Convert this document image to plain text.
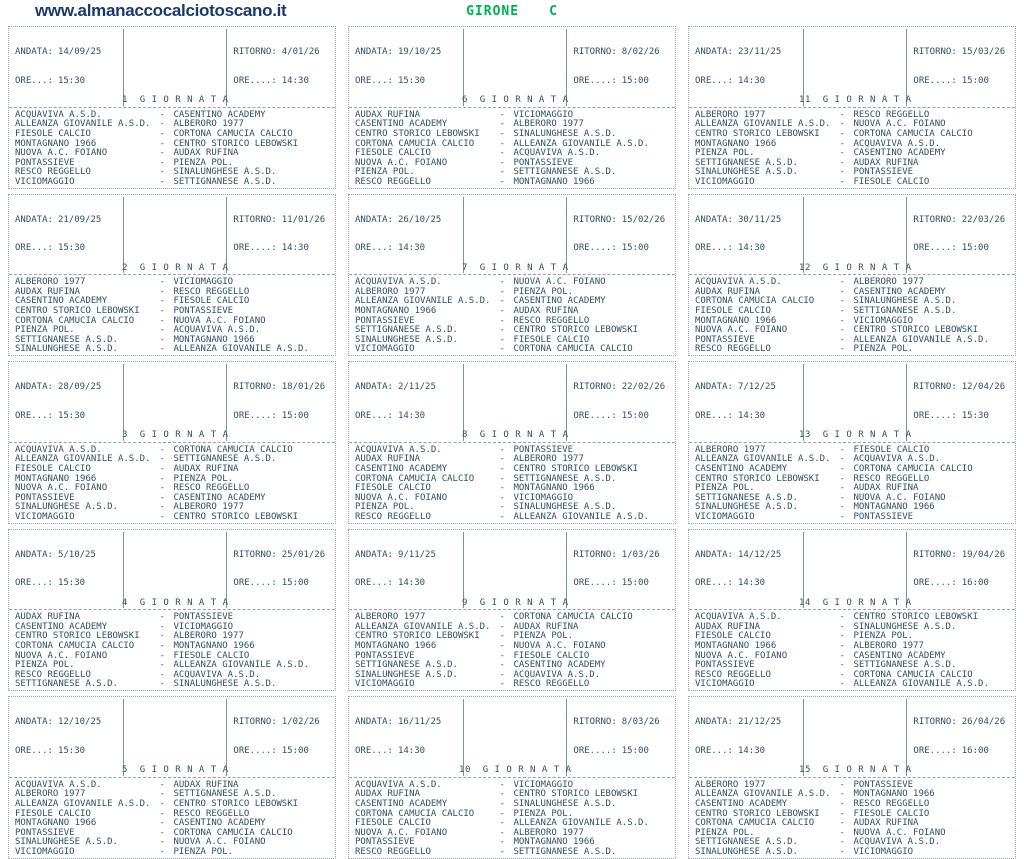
www.almanaccocalciotoscano.it	GIRONE C

ANDATA: 14/09/25

ORE...: 15:30

1  G I O R N A T A

RITORNO: 4/01/26

ORE....: 14:30

ACQUAVIVA A.S.D.	- CASENTINO ACADEMY
ALLEANZA GIOVANILE A.S.D. - ALBERORO 1977
FIESOLE CALCIO	- CORTONA CAMUCIA CALCIO
MONTAGNANO 1966	- CENTRO STORICO LEBOWSKI
NUOVA A.C. FOIANO	- AUDAX RUFINA
PONTASSIEVE	- PIENZA POL.
RESCO REGGELLO	- SINALUNGHESE A.S.D.
VICIOMAGGIO	- SETTIGNANESE A.S.D.

ANDATA: 21/09/25

ORE...: 15:30

2  G I O R N A T A

RITORNO: 11/01/26

ORE....: 14:30

ALBERORO 1977	- VICIOMAGGIO
AUDAX RUFINA	- RESCO REGGELLO
CASENTINO ACADEMY	- FIESOLE CALCIO
CENTRO STORICO LEBOWSKI	- PONTASSIEVE
CORTONA CAMUCIA CALCIO	- NUOVA A.C. FOIANO
PIENZA POL.	- ACQUAVIVA A.S.D.
SETTIGNANESE A.S.D.	- MONTAGNANO 1966
SINALUNGHESE A.S.D.	- ALLEANZA GIOVANILE A.S.D.

ANDATA: 28/09/25

ORE...: 15:30

3  G I O R N A T A

RITORNO: 18/01/26

ORE....: 15:00

ACQUAVIVA A.S.D.	- CORTONA CAMUCIA CALCIO
ALLEANZA GIOVANILE A.S.D. - SETTIGNANESE A.S.D.
FIESOLE CALCIO	- AUDAX RUFINA
MONTAGNANO 1966	- PIENZA POL.
NUOVA A.C. FOIANO	- RESCO REGGELLO
PONTASSIEVE	- CASENTINO ACADEMY
SINALUNGHESE A.S.D.	- ALBERORO 1977
VICIOMAGGIO	- CENTRO STORICO LEBOWSKI

ANDATA: 5/10/25

ORE...: 15:30

4  G I O R N A T A

RITORNO: 25/01/26

ORE....: 15:00

AUDAX RUFINA	- PONTASSIEVE
CASENTINO ACADEMY	- VICIOMAGGIO
CENTRO STORICO LEBOWSKI	- ALBERORO 1977
CORTONA CAMUCIA CALCIO	- MONTAGNANO 1966
NUOVA A.C. FOIANO	- FIESOLE CALCIO
PIENZA POL.	- ALLEANZA GIOVANILE A.S.D.
RESCO REGGELLO	- ACQUAVIVA A.S.D.
SETTIGNANESE A.S.D.	- SINALUNGHESE A.S.D.

ANDATA: 12/10/25

ORE...: 15:30

5  G I O R N A T A

RITORNO: 1/02/26

ORE....: 15:00

ACQUAVIVA A.S.D.	- AUDAX RUFINA
ALBERORO 1977	- SETTIGNANESE A.S.D.
ALLEANZA GIOVANILE A.S.D. - CENTRO STORICO LEBOWSKI
FIESOLE CALCIO	- RESCO REGGELLO
MONTAGNANO 1966	- CASENTINO ACADEMY
PONTASSIEVE	- CORTONA CAMUCIA CALCIO
SINALUNGHESE A.S.D.	- NUOVA A.C. FOIANO
VICIOMAGGIO	- PIENZA POL.

ANDATA: 19/10/25

ORE...: 15:30

6  G I O R N A T A

RITORNO: 8/02/26

ORE....: 15:00

AUDAX RUFINA	- VICIOMAGGIO
CASENTINO ACADEMY	- ALBERORO 1977
CENTRO STORICO LEBOWSKI	- SINALUNGHESE A.S.D.
CORTONA CAMUCIA CALCIO	- ALLEANZA GIOVANILE A.S.D.
FIESOLE CALCIO	- ACQUAVIVA A.S.D.
NUOVA A.C. FOIANO	- PONTASSIEVE
PIENZA POL.	- SETTIGNANESE A.S.D.
RESCO REGGELLO	- MONTAGNANO 1966

ANDATA: 26/10/25

ORE...: 14:30

7  G I O R N A T A

RITORNO: 15/02/26

ORE....: 15:00

ACQUAVIVA A.S.D.	- NUOVA A.C. FOIANO
ALBERORO 1977	- PIENZA POL.
ALLEANZA GIOVANILE A.S.D. - CASENTINO ACADEMY
MONTAGNANO 1966	- AUDAX RUFINA
PONTASSIEVE	- RESCO REGGELLO
SETTIGNANESE A.S.D.	- CENTRO STORICO LEBOWSKI
SINALUNGHESE A.S.D.	- FIESOLE CALCIO
VICIOMAGGIO	- CORTONA CAMUCIA CALCIO

ANDATA: 2/11/25

ORE...: 14:30

8  G I O R N A T A

RITORNO: 22/02/26

ORE....: 15:00

ACQUAVIVA A.S.D.	- PONTASSIEVE
AUDAX RUFINA	- ALBERORO 1977
CASENTINO ACADEMY	- CENTRO STORICO LEBOWSKI
CORTONA CAMUCIA CALCIO	- SETTIGNANESE A.S.D.
FIESOLE CALCIO	- MONTAGNANO 1966
NUOVA A.C. FOIANO	- VICIOMAGGIO
PIENZA POL.	- SINALUNGHESE A.S.D.
RESCO REGGELLO	- ALLEANZA GIOVANILE A.S.D.

ANDATA: 9/11/25

ORE...: 14:30

9  G I O R N A T A

RITORNO: 1/03/26

ORE....: 15:00

ALBERORO 1977	- CORTONA CAMUCIA CALCIO
ALLEANZA GIOVANILE A.S.D. - AUDAX RUFINA
CENTRO STORICO LEBOWSKI	- PIENZA POL.
MONTAGNANO 1966	- NUOVA A.C. FOIANO
PONTASSIEVE	- FIESOLE CALCIO
SETTIGNANESE A.S.D.	- CASENTINO ACADEMY
SINALUNGHESE A.S.D.	- ACQUAVIVA A.S.D.
VICIOMAGGIO	- RESCO REGGELLO

ANDATA: 16/11/25

ORE...: 14:30

10  G I O R N A T A

RITORNO: 8/03/26

ORE....: 15:00

ACQUAVIVA A.S.D.	- VICIOMAGGIO
AUDAX RUFINA	- CENTRO STORICO LEBOWSKI
CASENTINO ACADEMY	- SINALUNGHESE A.S.D.
CORTONA CAMUCIA CALCIO	- PIENZA POL.
FIESOLE CALCIO	- ALLEANZA GIOVANILE A.S.D.
NUOVA A.C. FOIANO	- ALBERORO 1977
PONTASSIEVE	- MONTAGNANO 1966
RESCO REGGELLO	- SETTIGNANESE A.S.D.

ANDATA: 23/11/25

ORE...: 14:30

11  G I O R N A T A

RITORNO: 15/03/26

ORE....: 15:00

ALBERORO 1977	- RESCO REGGELLO
ALLEANZA GIOVANILE A.S.D. - NUOVA A.C. FOIANO
CENTRO STORICO LEBOWSKI	- CORTONA CAMUCIA CALCIO
MONTAGNANO 1966	- ACQUAVIVA A.S.D.
PIENZA POL.	- CASENTINO ACADEMY
SETTIGNANESE A.S.D.	- AUDAX RUFINA
SINALUNGHESE A.S.D.	- PONTASSIEVE
VICIOMAGGIO	- FIESOLE CALCIO

ANDATA: 30/11/25

ORE...: 14:30

12  G I O R N A T A

RITORNO: 22/03/26

ORE....: 15:00

ACQUAVIVA A.S.D.	- ALBERORO 1977
AUDAX RUFINA	- CASENTINO ACADEMY
CORTONA CAMUCIA CALCIO	- SINALUNGHESE A.S.D.
FIESOLE CALCIO	- SETTIGNANESE A.S.D.
MONTAGNANO 1966	- VICIOMAGGIO
NUOVA A.C. FOIANO	- CENTRO STORICO LEBOWSKI
PONTASSIEVE	- ALLEANZA GIOVANILE A.S.D.
RESCO REGGELLO	- PIENZA POL.

ANDATA: 7/12/25

ORE...: 14:30

13  G I O R N A T A

RITORNO: 12/04/26

ORE....: 15:30

ALBERORO 1977	- FIESOLE CALCIO
ALLEANZA GIOVANILE A.S.D. - ACQUAVIVA A.S.D.
CASENTINO ACADEMY	- CORTONA CAMUCIA CALCIO
CENTRO STORICO LEBOWSKI	- RESCO REGGELLO
PIENZA POL.	- AUDAX RUFINA
SETTIGNANESE A.S.D.	- NUOVA A.C. FOIANO
SINALUNGHESE A.S.D.	- MONTAGNANO 1966
VICIOMAGGIO	- PONTASSIEVE

ANDATA: 14/12/25

ORE...: 14:30

14  G I O R N A T A

RITORNO: 19/04/26

ORE....: 16:00

ACQUAVIVA A.S.D.	- CENTRO STORICO LEBOWSKI
AUDAX RUFINA	- SINALUNGHESE A.S.D.
FIESOLE CALCIO	- PIENZA POL.
MONTAGNANO 1966	- ALBERORO 1977
NUOVA A.C. FOIANO	- CASENTINO ACADEMY
PONTASSIEVE	- SETTIGNANESE A.S.D.
RESCO REGGELLO	- CORTONA CAMUCIA CALCIO
VICIOMAGGIO	- ALLEANZA GIOVANILE A.S.D.

ANDATA: 21/12/25

ORE...: 14:30

15  G I O R N A T A

RITORNO: 26/04/26

ORE....: 16:00

ALBERORO 1977	- PONTASSIEVE
ALLEANZA GIOVANILE A.S.D. - MONTAGNANO 1966
CASENTINO ACADEMY	- RESCO REGGELLO
CENTRO STORICO LEBOWSKI	- FIESOLE CALCIO
CORTONA CAMUCIA CALCIO	- AUDAX RUFINA
PIENZA POL.	- NUOVA A.C. FOIANO
SETTIGNANESE A.S.D.	- ACQUAVIVA A.S.D.
SINALUNGHESE A.S.D.	- VICIOMAGGIO
